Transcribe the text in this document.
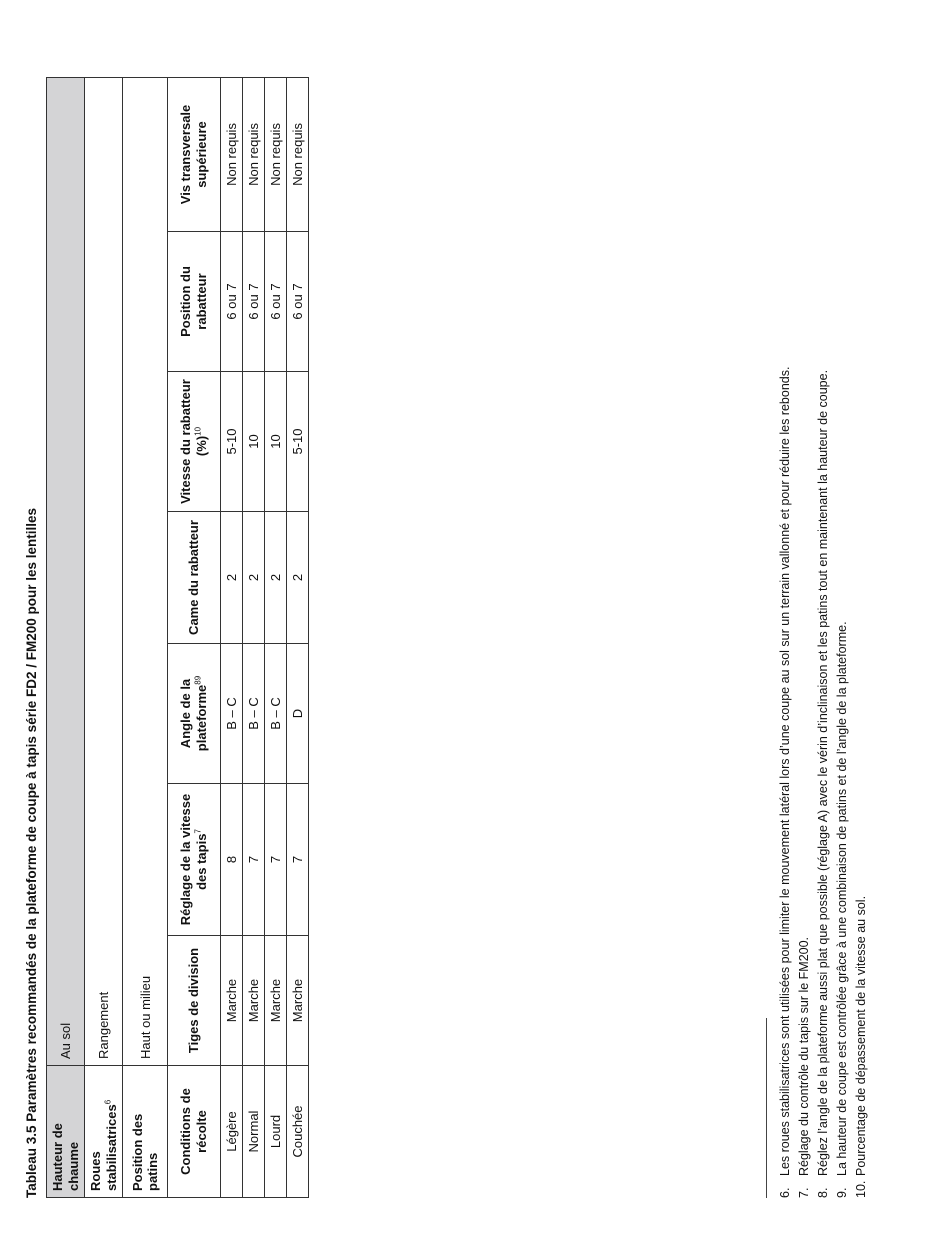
Tableau 3.5 Paramètres recommandés de la plateforme de coupe à tapis série FD2 / FM200 pour les lentilles Hauteur de chaume	Au sol						
Roues stabilisatrices$^6$	Rangement						
Position des patins	Haut ou milieu						
Conditions de récolte	Tiges de division	Réglage de la vitesse des tapis$^7$	Angle de la plateforme$^{89}$	Came du rabatteur	Vitesse du rabatteur (%)$^{10}$	Position du rabatteur	Vis transversale supérieure
Légère	Marche	8	B – C	2	5-10	6 ou 7	Non requis
Normal	Marche	7	B – C	2	10	6 ou 7	Non requis
Lourd	Marche	7	B – C	2	10	6 ou 7	Non requis
Couchée	Marche	7	D	2	5-10	6 ou 7	Non requis
6.
Les roues stabilisatrices sont utilisées pour limiter le mouvement latéral lors d’une coupe au sol sur un terrain vallonné et pour réduire les rebonds.
7.
Réglage du contrôle du tapis sur le FM200.
8.
Réglez l’angle de la plateforme aussi plat que possible (réglage A) avec le vérin d’inclinaison et les patins tout en maintenant la hauteur de coupe.
9.
La hauteur de coupe est contrôlée grâce à une combinaison de patins et de l’angle de la plateforme.
10.
Pourcentage de dépassement de la vitesse au sol.
